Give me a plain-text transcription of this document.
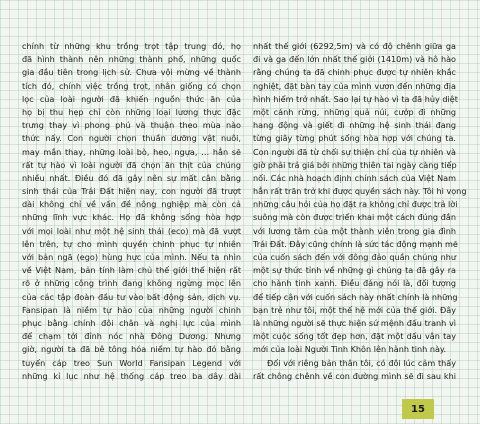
chính từ những khu trồng trọt tập trung đó, họ
đã hình thành nên những thành phố, những quốc
gia đầu tiên trong lịch sử. Chưa vội mừng về thành
tích đó, chính việc trồng trọt, nhân giống có chọn
lọc của loài người đã khiến nguồn thức ăn của
họ bị thu hẹp chỉ còn những loại lương thực đặc
trưng thay vì phong phú và thuận theo mùa nào
thức nấy. Con người chọn thuần dưỡng vật nuôi,
may mắn thay, những loài bò, heo, ngựa, … hẳn sẽ
rất tự hào vì loài người đã chọn ăn thịt của chúng
nhiều nhất. Điều đó đã gây nên sự mất cân bằng
sinh thái của Trái Đất hiện nay, con người đã trượt
dài không chỉ về vấn đề nông nghiệp mà còn cả
những lĩnh vực khác. Họ đã không sống hòa hợp
với mọi loài như một hệ sinh thái (eco) mà đã vượt
lên trên, tự cho mình quyền chinh phục tự nhiên
với bản ngã (ego) hùng hực của mình. Nếu ta nhìn
về Việt Nam, bản tính làm chủ thế giới thể hiện rất
rõ ở những công trình đang không ngừng mọc lên
của các tập đoàn đầu tư vào bất động sản, dịch vụ.
Fansipan là niềm tự hào của những người chinh
phục bằng chính đôi chân và nghị lực của mình
để chạm tới đỉnh nóc nhà Đông Dương. Nhưng
giờ, người ta đã bê tông hóa niềm tự hào đó bằng
tuyến cáp treo Sun World Fansipan Legend với
những kỉ lục như hệ thống cáp treo ba dây dài
nhất thế giới (6292,5m) và có độ chênh giữa ga
đi và ga đến lớn nhất thế giới (1410m) và hô hào
rằng chúng ta đã chinh phục được tự nhiên khắc
nghiệt, đặt bàn tay của mình vươn đến những địa
hình hiểm trở nhất. Sao lại tự hào vì ta đã hủy diệt
một cánh rừng, những quả núi, cướp đi những
hang động và giết đi những hệ sinh thái đang
từng giây từng phút sống hòa hợp với chúng ta.
Con người đã từ chối sự thiện chí của tự nhiên và
giờ phải trả giá bởi những thiên tai ngày càng tiếp
nối. Các nhà hoạch định chính sách của Việt Nam
hẳn rất trăn trở khi được quyền sách này. Tôi hi vọng
những câu hỏi của họ đặt ra không chỉ được trả lời
suông mà còn được triển khai một cách đúng đắn
với lương tâm của một thành viên trong gia đình
Trái Đất. Đây cũng chính là sức tác động mạnh mẽ
của cuốn sách đến với đông đảo quần chúng như
một sự thức tỉnh về những gì chúng ta đã gây ra
cho hành tinh xanh. Điều đáng nói là, đối tượng
để tiếp cận với cuốn sách này nhất chính là những
bạn trẻ như tôi, một thế hệ mới của thế giới. Đây
là những người sẽ thực hiện sứ mệnh đấu tranh vì
một cuộc sống tốt đẹp hơn, đặt một dấu vân tay
mới của loài Người Tinh Khôn lên hành tinh này.
Đối với riêng bản thân tôi, có đôi lúc cảm thấy
rất chông chênh về con đường mình sẽ đi sau khi
15
